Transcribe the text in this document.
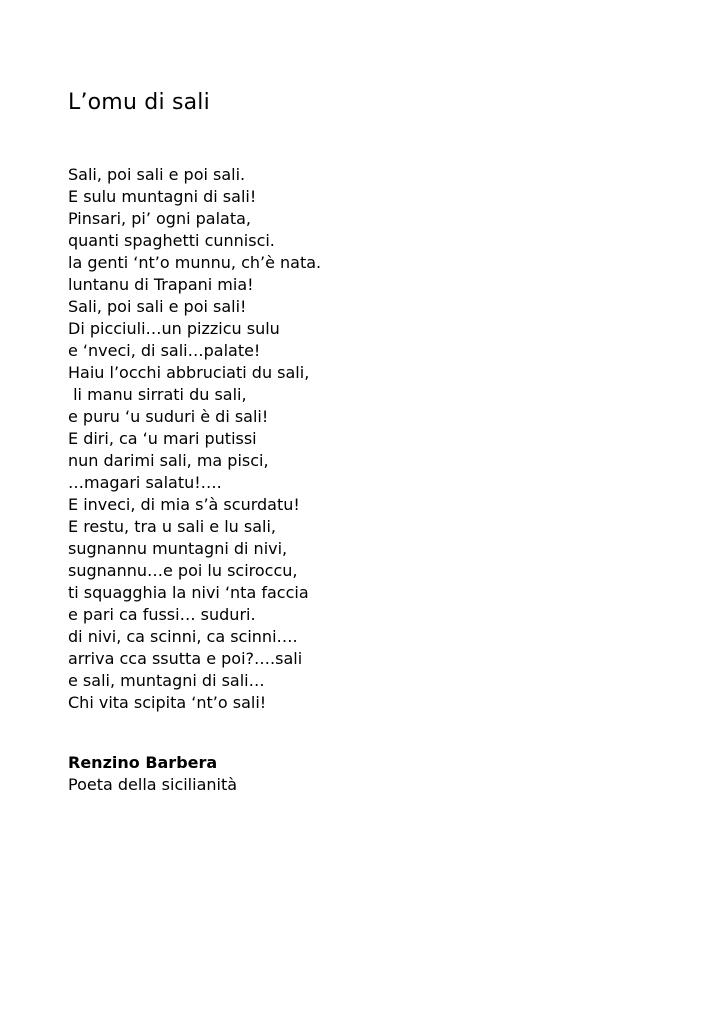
L’omu di sali
Sali, poi sali e poi sali.
E sulu muntagni di sali!
Pinsari, pi’ ogni palata,
quanti spaghetti cunnisci.
la genti ‘nt’o munnu, ch’è nata.
luntanu di Trapani mia!
Sali, poi sali e poi sali!
Di picciuli…un pizzicu sulu
e ‘nveci, di sali…palate!
Haiu l’occhi abbruciati du sali,
li manu sirrati du sali,
e puru ‘u suduri è di sali!
E diri, ca ‘u mari putissi
nun darimi sali, ma pisci,
…magari salatu!….
E inveci, di mia s’à scurdatu!
E restu, tra u sali e lu sali,
sugnannu muntagni di nivi,
sugnannu…e poi lu sciroccu,
ti squagghia la nivi ‘nta faccia
e pari ca fussi… suduri.
di nivi, ca scinni, ca scinni….
arriva cca ssutta e poi?….sali
e sali, muntagni di sali…
Chi vita scipita ‘nt’o sali!
Renzino Barbera
Poeta della sicilianità
